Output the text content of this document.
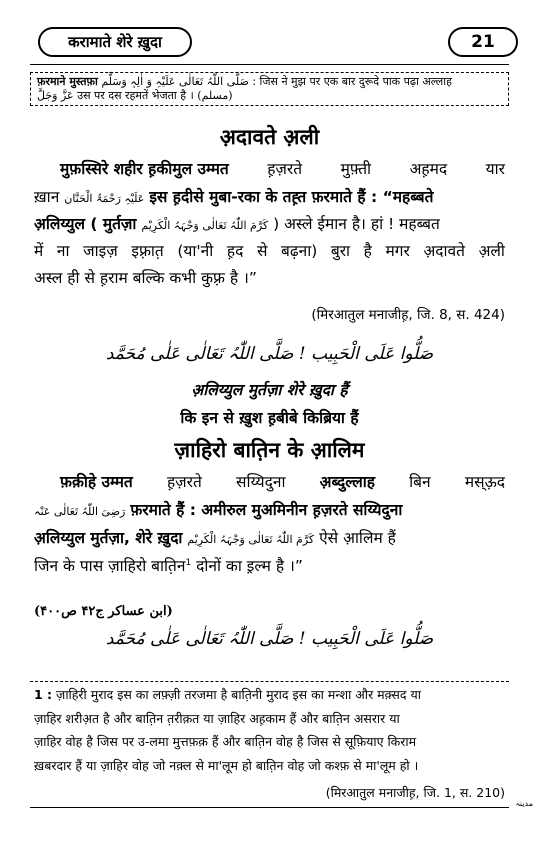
करामाते शेरे ख़ुदा	21
फ़रमाने मुस्तफ़ा صَلَّی اللّٰہُ تَعَالٰی عَلَیْہِ وَ اٰلِہٖ وَسَلَّم : जिस ने मुझ पर एक बार दुरूदे पाक पढ़ा अल्लाह
عَزَّ وَجَلَّ उस पर दस रहमतें भेजता है । (مسلم)
अ़दावते अ़ली
मुफ़स्सिरे शहीर ह़कीमुल उम्मत ह़ज़रते मुफ़्ती अह़मद यार
ख़ान عَلَیْہِ رَحْمَۃُ الْحَنَّان इस ह़दीसे मुबा-रका के तह़्त फ़रमाते हैं : “महब्बते
अ़लिय्युल ( मुर्तज़ा کَرَّمَ اللّٰہُ تَعَالٰی وَجْہَہُ الْکَرِیْم ) अस्ले ईमान है। हां ! महब्बत
में ना जाइज़ इफ़्रात़ (या'नी ह़द से बढ़ना) बुरा है मगर अ़दावते अ़ली
अस्ल ही से ह़राम बल्कि कभी कुफ़्र है ।”
(मिरआतुल मनाजीह़, जि. 8, स. 424)
صَلُّوا عَلَی الْحَبِیب ! صَلَّی اللّٰہُ تَعَالٰی عَلٰی مُحَمَّد
अ़लिय्युल मुर्तज़ा शेरे ख़ुदा हैं
कि इन से ख़ुश ह़बीबे किब्रिया हैं
ज़ाहिरो बात़िन के आ़लिम
फ़क़ीहे उम्मत ह़ज़रते सय्यिदुना अ़ब्दुल्लाह बिन मस्ऊ़द
رَضِیَ اللّٰہُ تَعَالٰی عَنْہ फ़रमाते हैं : अमीरुल मुअमिनीन ह़ज़रते सय्यिदुना
अ़लिय्युल मुर्तज़ा, शेरे ख़ुदा کَرَّمَ اللّٰہُ تَعَالٰی وَجْہَہُ الْکَرِیْم ऐसे आ़लिम हैं
जिन के पास ज़ाहिरो बात़िन$^1$ दोनों का इ़ल्म है ।”
(ابن عساکر ج۴۲ ص۴۰۰)
صَلُّوا عَلَی الْحَبِیب ! صَلَّی اللّٰہُ تَعَالٰی عَلٰی مُحَمَّد
1 : ज़ाहिरी मुराद इस का लफ़्ज़ी तरजमा है बात़िनी मुराद इस का मन्शा और मक़्सद या
ज़ाहिर शरीअ़त है और बात़िन त़रीक़त या ज़ाहिर अह़काम हैं और बात़िन असरार या
ज़ाहिर वोह है जिस पर उ-लमा मुत्तफ़क़ हैं और बात़िन वोह है जिस से सूफ़ियाए किराम
ख़बरदार हैं या ज़ाहिर वोह जो नक़्ल से मा'लूम हो बात़िन वोह जो कश्फ़ से मा'लूम हो ।
(मिरआतुल मनाजीह़, जि. 1, स. 210)
مدینہ
